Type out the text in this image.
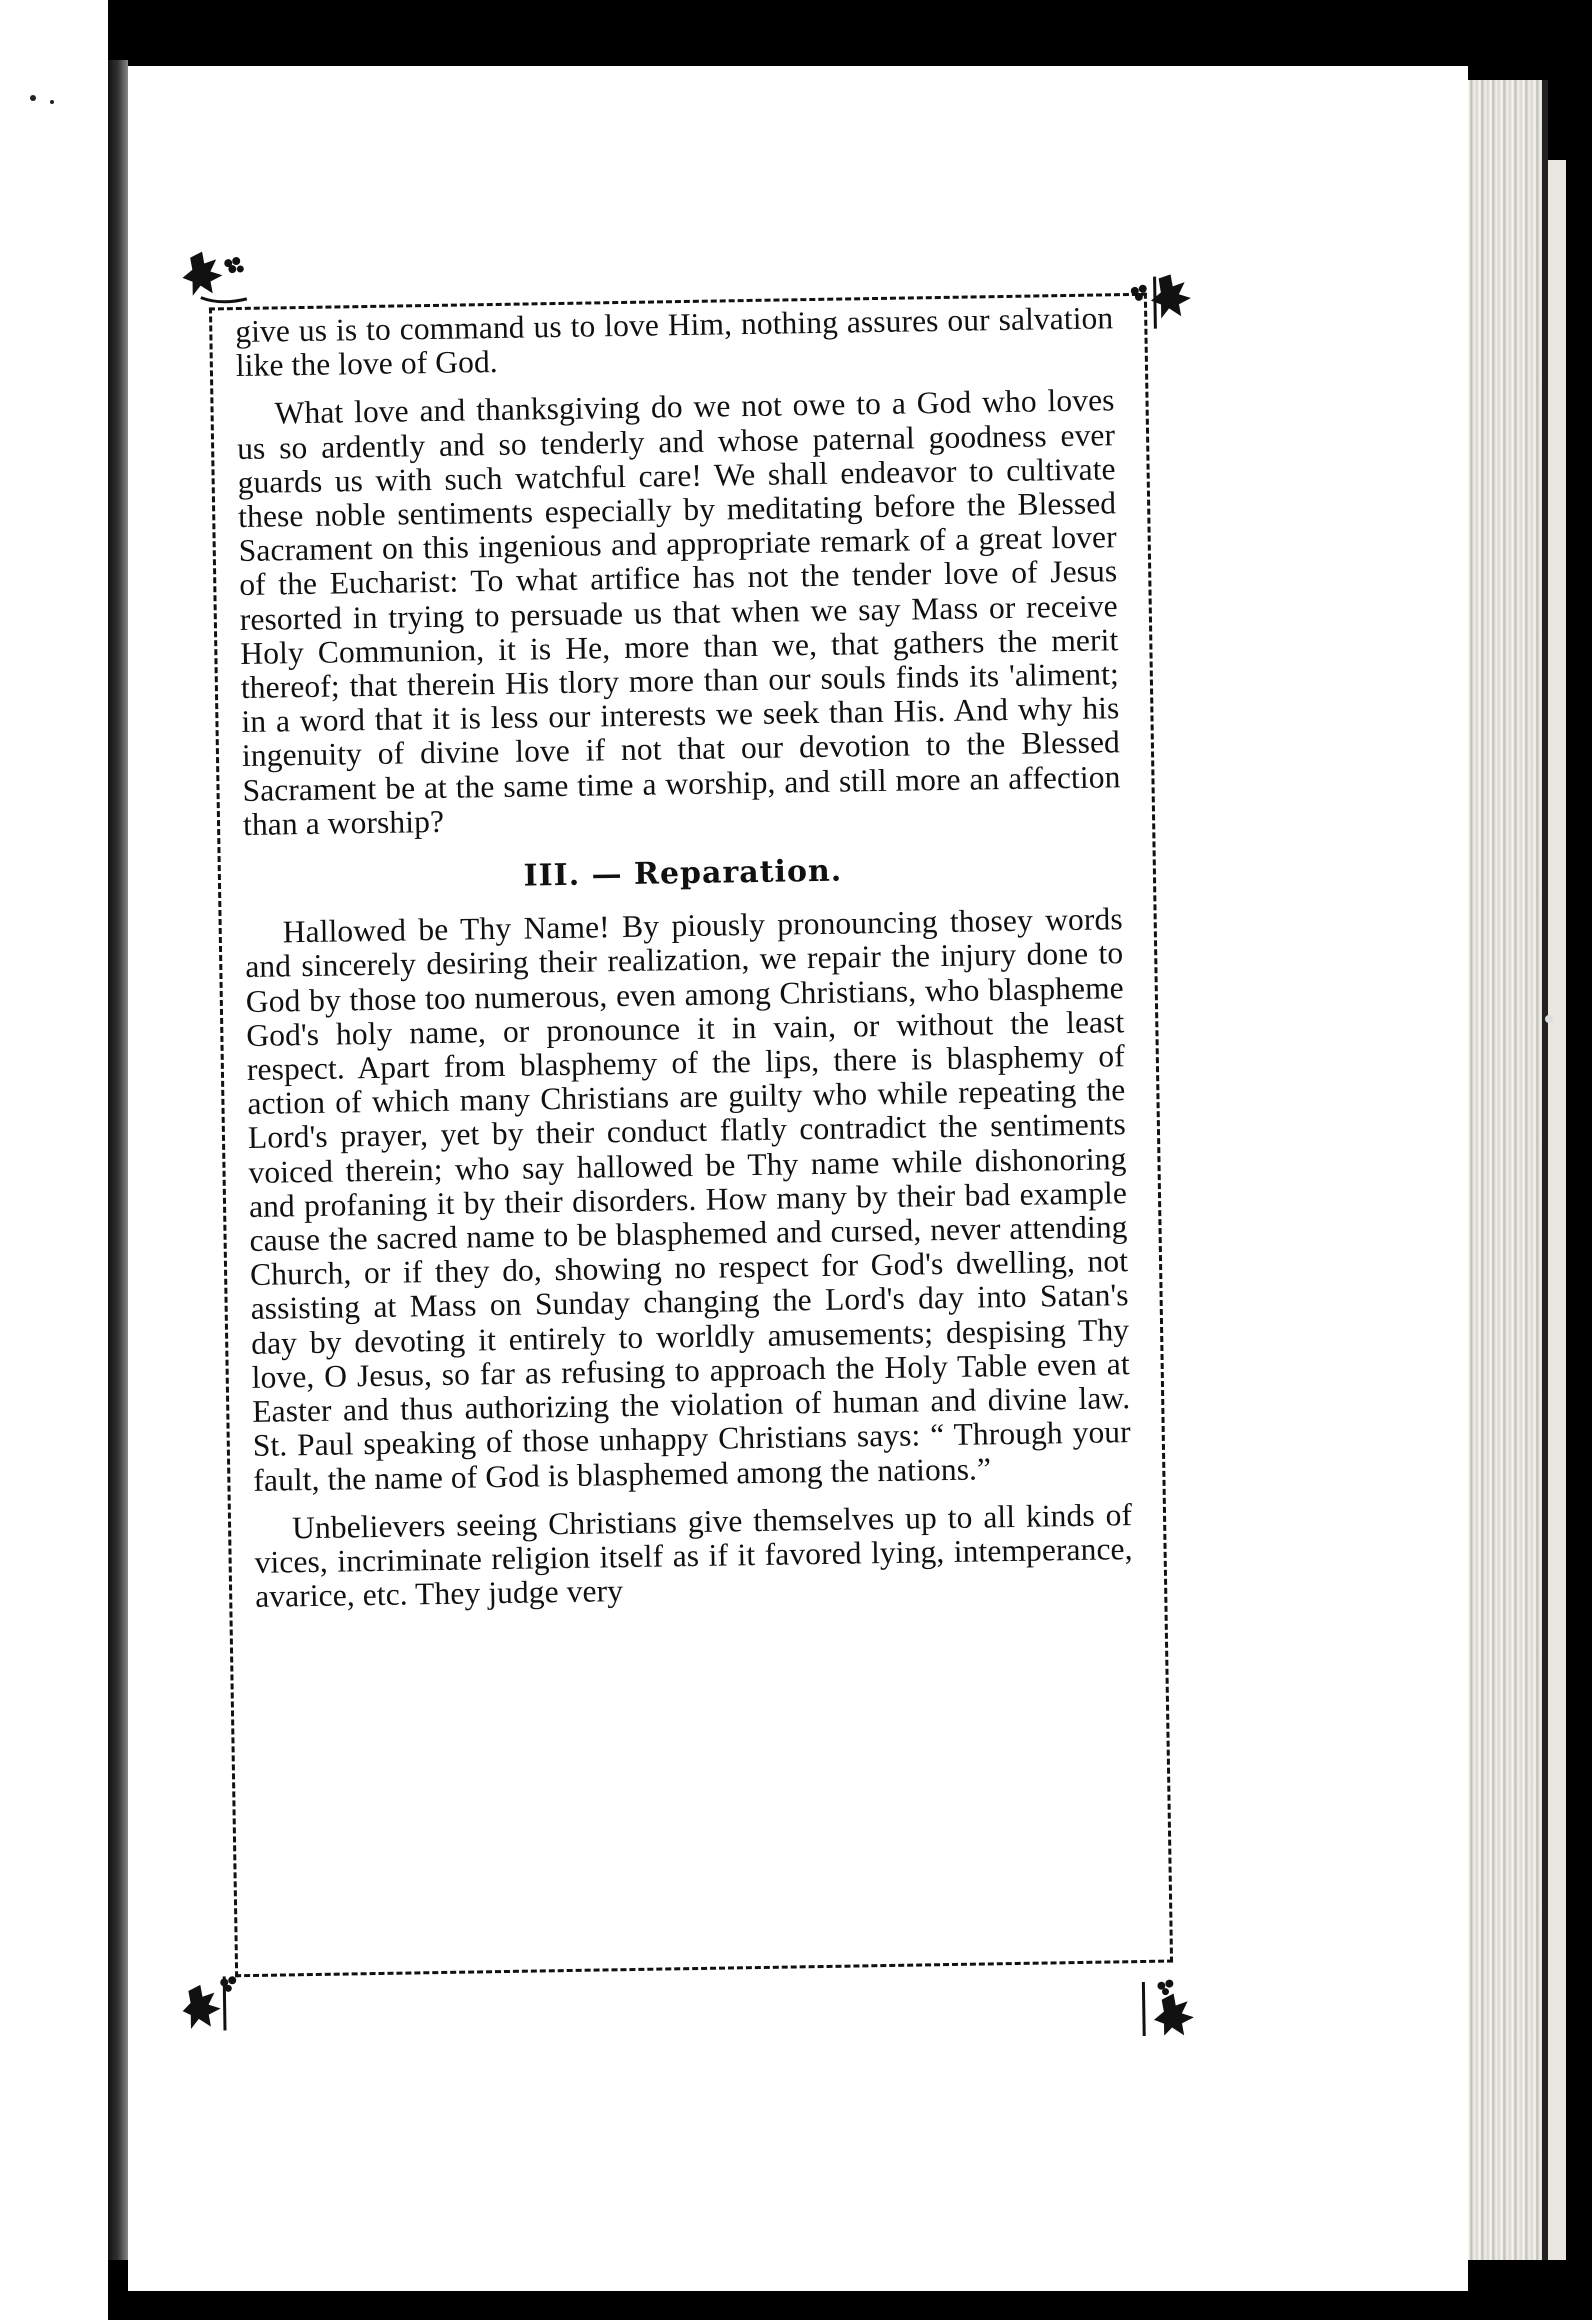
give us is to command us to love Him, nothing assures our salvation like the love of God.

What love and thanksgiving do we not owe to a God who loves us so ardently and so tenderly and whose paternal goodness ever guards us with such watchful care! We shall endeavor to cultivate these noble sentiments especially by meditating before the Blessed Sacrament on this ingenious and appropriate remark of a great lover of the Eucharist: To what artifice has not the tender love of Jesus resorted in trying to persuade us that when we say Mass or receive Holy Communion, it is He, more than we, that gathers the merit thereof; that therein His tlory more than our souls finds its 'aliment; in a word that it is less our interests we seek than His. And why his ingenuity of divine love if not that our devotion to the Blessed Sacrament be at the same time a worship, and still more an affection than a worship?

III. — Reparation.

Hallowed be Thy Name! By piously pronouncing thosey words and sincerely desiring their realization, we repair the injury done to God by those too numerous, even among Christians, who blaspheme God's holy name, or pronounce it in vain, or without the least respect. Apart from blasphemy of the lips, there is blasphemy of action of which many Christians are guilty who while repeating the Lord's prayer, yet by their conduct flatly contradict the sentiments voiced therein; who say hallowed be Thy name while dishonoring and profaning it by their disorders. How many by their bad example cause the sacred name to be blasphemed and cursed, never attending Church, or if they do, showing no respect for God's dwelling, not assisting at Mass on Sunday changing the Lord's day into Satan's day by devoting it entirely to worldly amusements; despising Thy love, O Jesus, so far as refusing to approach the Holy Table even at Easter and thus authorizing the violation of human and divine law. St. Paul speaking of those unhappy Christians says: “ Through your fault, the name of God is blasphemed among the nations.”

Unbelievers seeing Christians give themselves up to all kinds of vices, incriminate religion itself as if it favored lying, intemperance, avarice, etc. They judge very
